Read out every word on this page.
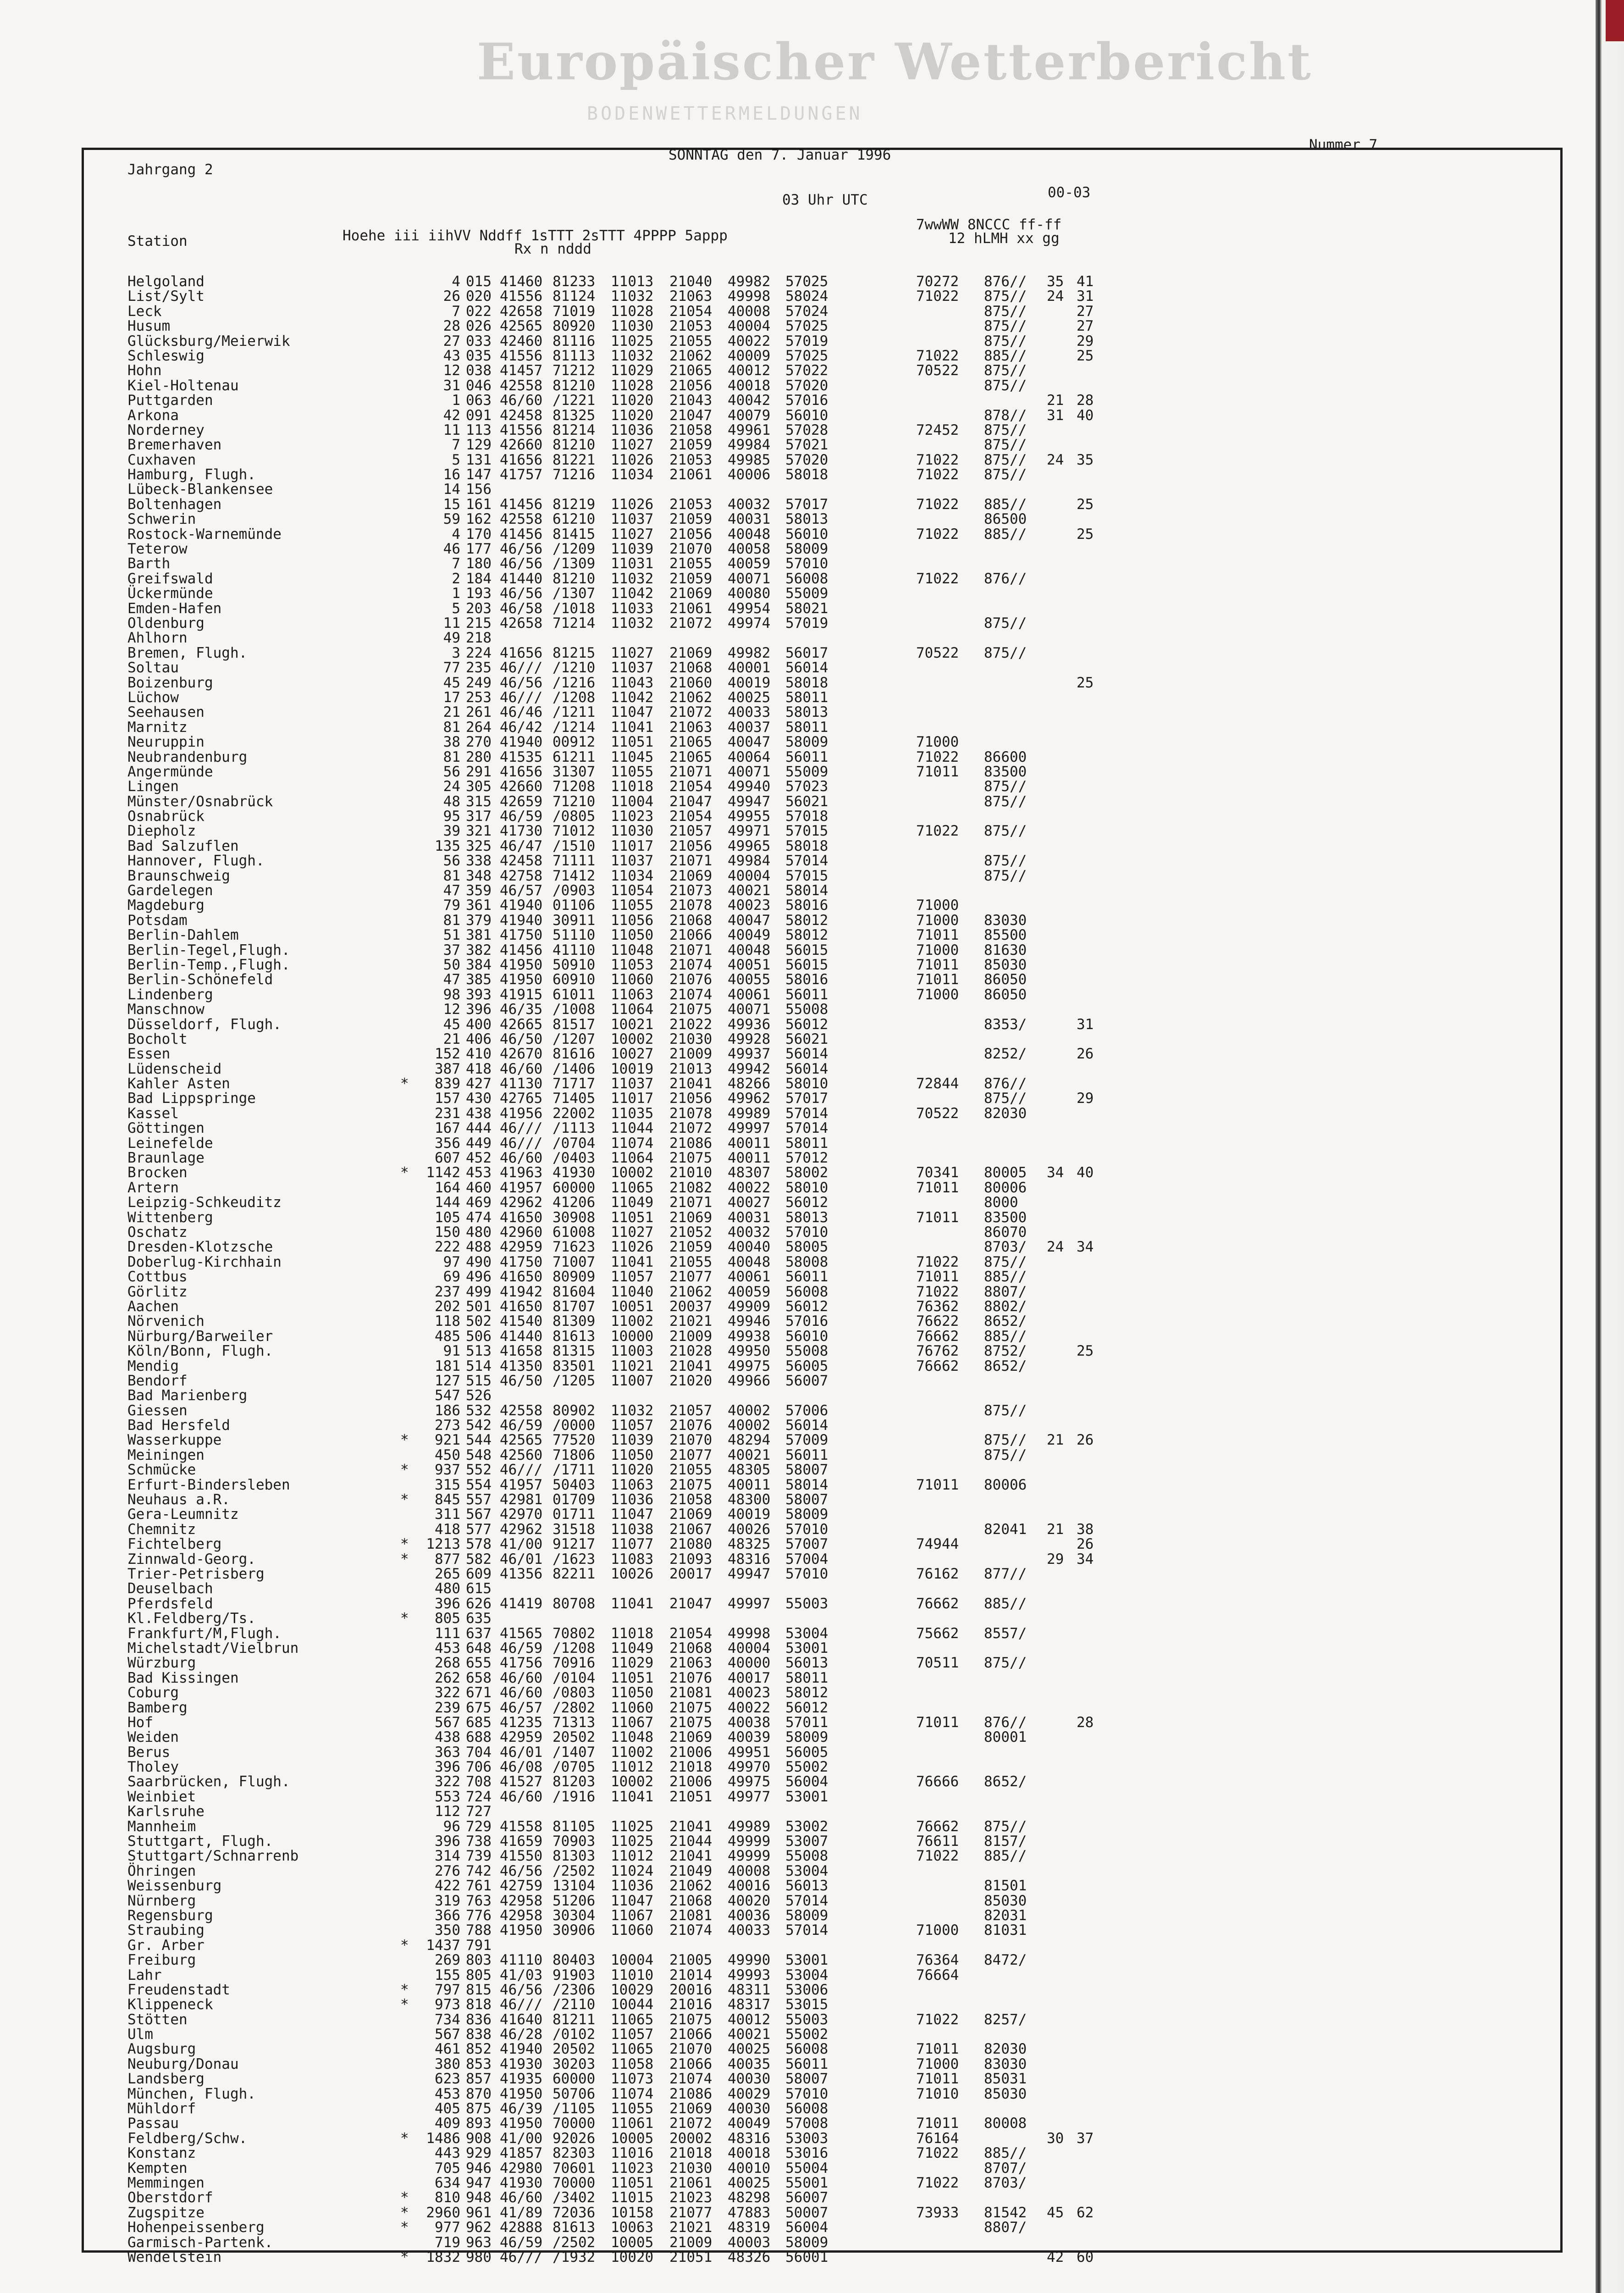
Europäischer Wetterbericht
BODENWETTERMELDUNGEN
Jahrgang 2
SONNTAG den 7. Januar 1996
Nummer 7
03 Uhr UTC	00-03
Station	Hoehe iii iihVV Nddff 1sTTT 2sTTT 4PPPP 5appp
Rx n nddd
7wwWW 8NCCC ff-ff
12 hLMH xx gg
Helgoland	4 015 41460 81233 11013 21040 49982 57025	70272 876// 35 41
List/Sylt	26 020 41556 81124 11032 21063 49998 58024	71022 875// 24 31
Leck	7 022 42658 71019 11028 21054 40008 57024	875//	27
Husum	28 026 42565 80920 11030 21053 40004 57025	875//	27
Glücksburg/Meierwik	27 033 42460 81116 11025 21055 40022 57019	875//	29
Schleswig	43 035 41556 81113 11032 21062 40009 57025	71022 885//	25
Hohn	12 038 41457 71212 11029 21065 40012 57022	70522 875//
Kiel-Holtenau	31 046 42558 81210 11028 21056 40018 57020	875//
Puttgarden	1 063 46/60 /1221 11020 21043 40042 57016	21 28
Arkona	42 091 42458 81325 11020 21047 40079 56010	878// 31 40
Norderney	11 113 41556 81214 11036 21058 49961 57028	72452 875//
Bremerhaven	7 129 42660 81210 11027 21059 49984 57021	875//
Cuxhaven	5 131 41656 81221 11026 21053 49985 57020	71022 875// 24 35
Hamburg, Flugh.	16 147 41757 71216 11034 21061 40006 58018	71022 875//
Lübeck-Blankensee	14 156
Boltenhagen	15 161 41456 81219 11026 21053 40032 57017	71022 885//	25
Schwerin	59 162 42558 61210 11037 21059 40031 58013	86500
Rostock-Warnemünde	4 170 41456 81415 11027 21056 40048 56010	71022 885//	25
Teterow	46 177 46/56 /1209 11039 21070 40058 58009
Barth	7 180 46/56 /1309 11031 21055 40059 57010
Greifswald	2 184 41440 81210 11032 21059 40071 56008	71022 876//
Ückermünde	1 193 46/56 /1307 11042 21069 40080 55009
Emden-Hafen	5 203 46/58 /1018 11033 21061 49954 58021
Oldenburg	11 215 42658 71214 11032 21072 49974 57019	875//
Ahlhorn	49 218
Bremen, Flugh.	3 224 41656 81215 11027 21069 49982 56017	70522 875//
Soltau	77 235 46/// /1210 11037 21068 40001 56014
Boizenburg	45 249 46/56 /1216 11043 21060 40019 58018	25
Lüchow	17 253 46/// /1208 11042 21062 40025 58011
Seehausen	21 261 46/46 /1211 11047 21072 40033 58013
Marnitz	81 264 46/42 /1214 11041 21063 40037 58011
Neuruppin	38 270 41940 00912 11051 21065 40047 58009	71000
Neubrandenburg	81 280 41535 61211 11045 21065 40064 56011	71022 86600
Angermünde	56 291 41656 31307 11055 21071 40071 55009	71011 83500
Lingen	24 305 42660 71208 11018 21054 49940 57023	875//
Münster/Osnabrück	48 315 42659 71210 11004 21047 49947 56021	875//
Osnabrück	95 317 46/59 /0805 11023 21054 49955 57018
Diepholz	39 321 41730 71012 11030 21057 49971 57015	71022 875//
Bad Salzuflen	135 325 46/47 /1510 11017 21056 49965 58018
Hannover, Flugh.	56 338 42458 71111 11037 21071 49984 57014	875//
Braunschweig	81 348 42758 71412 11034 21069 40004 57015	875//
Gardelegen	47 359 46/57 /0903 11054 21073 40021 58014
Magdeburg	79 361 41940 01106 11055 21078 40023 58016	71000
Potsdam	81 379 41940 30911 11056 21068 40047 58012	71000 83030
Berlin-Dahlem	51 381 41750 51110 11050 21066 40049 58012	71011 85500
Berlin-Tegel,Flugh.	37 382 41456 41110 11048 21071 40048 56015	71000 81630
Berlin-Temp.,Flugh.	50 384 41950 50910 11053 21074 40051 56015	71011 85030
Berlin-Schönefeld	47 385 41950 60910 11060 21076 40055 58016	71011 86050
Lindenberg	98 393 41915 61011 11063 21074 40061 56011	71000 86050
Manschnow	12 396 46/35 /1008 11064 21075 40071 55008
Düsseldorf, Flugh.	45 400 42665 81517 10021 21022 49936 56012	8353/	31
Bocholt	21 406 46/50 /1207 10002 21030 49928 56021
Essen	152 410 42670 81616 10027 21009 49937 56014	8252/	26
Lüdenscheid	387 418 46/60 /1406 10019 21013 49942 56014
Kahler Asten	*	839 427 41130 71717 11037 21041 48266 58010	72844 876//
Bad Lippspringe	157 430 42765 71405 11017 21056 49962 57017	875//	29
Kassel	231 438 41956 22002 11035 21078 49989 57014	70522 82030
Göttingen	167 444 46/// /1113 11044 21072 49997 57014
Leinefelde	356 449 46/// /0704 11074 21086 40011 58011
Braunlage	607 452 46/60 /0403 11064 21075 40011 57012
Brocken	*	1142 453 41963 41930 10002 21010 48307 58002	70341 80005 34 40
Artern	164 460 41957 60000 11065 21082 40022 58010	71011 80006
Leipzig-Schkeuditz	144 469 42962 41206 11049 21071 40027 56012	8000
Wittenberg	105 474 41650 30908 11051 21069 40031 58013	71011 83500
Oschatz	150 480 42960 61008 11027 21052 40032 57010	86070
Dresden-Klotzsche	222 488 42959 71623 11026 21059 40040 58005	8703/ 24 34
Doberlug-Kirchhain	97 490 41750 71007 11041 21055 40048 58008	71022 875//
Cottbus	69 496 41650 80909 11057 21077 40061 56011	71011 885//
Görlitz	237 499 41942 81604 11040 21062 40059 56008	71022 8807/
Aachen	202 501 41650 81707 10051 20037 49909 56012	76362 8802/
Nörvenich	118 502 41540 81309 11002 21021 49946 57016	76622 8652/
Nürburg/Barweiler	485 506 41440 81613 10000 21009 49938 56010	76662 885//
Köln/Bonn, Flugh.	91 513 41658 81315 11003 21028 49950 55008	76762 8752/	25
Mendig	181 514 41350 83501 11021 21041 49975 56005	76662 8652/
Bendorf	127 515 46/50 /1205 11007 21020 49966 56007
Bad Marienberg	547 526
Giessen	186 532 42558 80902 11032 21057 40002 57006	875//
Bad Hersfeld	273 542 46/59 /0000 11057 21076 40002 56014
Wasserkuppe	*	921 544 42565 77520 11039 21070 48294 57009	875// 21 26
Meiningen	450 548 42560 71806 11050 21077 40021 56011	875//
Schmücke	*	937 552 46/// /1711 11020 21055 48305 58007
Erfurt-Bindersleben	315 554 41957 50403 11063 21075 40011 58014	71011 80006
Neuhaus a.R.	*	845 557 42981 01709 11036 21058 48300 58007
Gera-Leumnitz	311 567 42970 01711 11047 21069 40019 58009
Chemnitz	418 577 42962 31518 11038 21067 40026 57010	82041 21 38
Fichtelberg	*	1213 578 41/00 91217 11077 21080 48325 57007	74944	26
Zinnwald-Georg.	*	877 582 46/01 /1623 11083 21093 48316 57004	29 34
Trier-Petrisberg	265 609 41356 82211 10026 20017 49947 57010	76162 877//
Deuselbach	480 615
Pferdsfeld	396 626 41419 80708 11041 21047 49997 55003	76662 885//
Kl.Feldberg/Ts.	*	805 635
Frankfurt/M,Flugh.	111 637 41565 70802 11018 21054 49998 53004	75662 8557/
Michelstadt/Vielbrun	453 648 46/59 /1208 11049 21068 40004 53001
Würzburg	268 655 41756 70916 11029 21063 40000 56013	70511 875//
Bad Kissingen	262 658 46/60 /0104 11051 21076 40017 58011
Coburg	322 671 46/60 /0803 11050 21081 40023 58012
Bamberg	239 675 46/57 /2802 11060 21075 40022 56012
Hof	567 685 41235 71313 11067 21075 40038 57011	71011 876//	28
Weiden	438 688 42959 20502 11048 21069 40039 58009	80001
Berus	363 704 46/01 /1407 11002 21006 49951 56005
Tholey	396 706 46/08 /0705 11012 21018 49970 55002
Saarbrücken, Flugh.	322 708 41527 81203 10002 21006 49975 56004	76666 8652/
Weinbiet	553 724 46/60 /1916 11041 21051 49977 53001
Karlsruhe	112 727
Mannheim	96 729 41558 81105 11025 21041 49989 53002	76662 875//
Stuttgart, Flugh.	396 738 41659 70903 11025 21044 49999 53007	76611 8157/
Stuttgart/Schnarrenb	314 739 41550 81303 11012 21041 49999 55008	71022 885//
Öhringen	276 742 46/56 /2502 11024 21049 40008 53004
Weissenburg	422 761 42759 13104 11036 21062 40016 56013	81501
Nürnberg	319 763 42958 51206 11047 21068 40020 57014	85030
Regensburg	366 776 42958 30304 11067 21081 40036 58009	82031
Straubing	350 788 41950 30906 11060 21074 40033 57014	71000 81031
Gr. Arber	*	1437 791
Freiburg	269 803 41110 80403 10004 21005 49990 53001	76364 8472/
Lahr	155 805 41/03 91903 11010 21014 49993 53004	76664
Freudenstadt	*	797 815 46/56 /2306 10029 20016 48311 53006
Klippeneck	*	973 818 46/// /2110 10044 21016 48317 53015
Stötten	734 836 41640 81211 11065 21075 40012 55003	71022 8257/
Ulm	567 838 46/28 /0102 11057 21066 40021 55002
Augsburg	461 852 41940 20502 11065 21070 40025 56008	71011 82030
Neuburg/Donau	380 853 41930 30203 11058 21066 40035 56011	71000 83030
Landsberg	623 857 41935 60000 11073 21074 40030 58007	71011 85031
München, Flugh.	453 870 41950 50706 11074 21086 40029 57010	71010 85030
Mühldorf	405 875 46/39 /1105 11055 21069 40030 56008
Passau	409 893 41950 70000 11061 21072 40049 57008	71011 80008
Feldberg/Schw.	*	1486 908 41/00 92026 10005 20002 48316 53003	76164	30 37
Konstanz	443 929 41857 82303 11016 21018 40018 53016	71022 885//
Kempten	705 946 42980 70601 11023 21030 40010 55004	8707/
Memmingen	634 947 41930 70000 11051 21061 40025 55001	71022 8703/
Oberstdorf	*	810 948 46/60 /3402 11015 21023 48298 56007
Zugspitze	*	2960 961 41/89 72036 10158 21077 47883 50007	73933 81542 45 62
Hohenpeissenberg	*	977 962 42888 81613 10063 21021 48319 56004	8807/
Garmisch-Partenk.	719 963 46/59 /2502 10005 21009 40003 58009
Wendelstein	*	1832 980 46/// /1932 10020 21051 48326 56001	42 60
